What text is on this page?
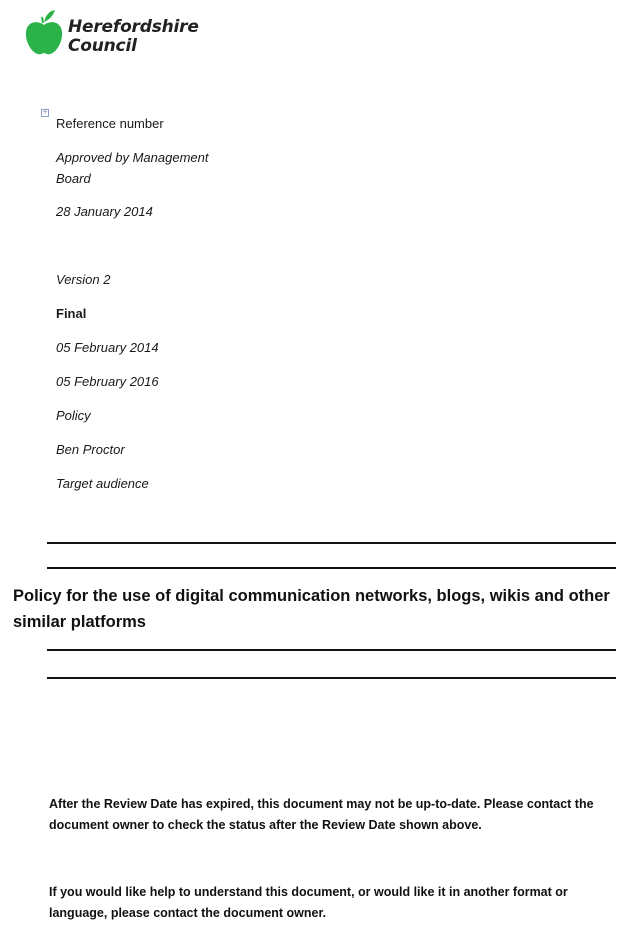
Herefordshire
Council
+
Reference number
Approved by Management
Board
28 January 2014
Version 2
Final
05 February 2014
05 February 2016
Policy
Ben Proctor
Target audience
Policy for the use of digital communication networks, blogs, wikis and other
similar platforms
After the Review Date has expired, this document may not be up-to-date. Please contact the
document owner to check the status after the Review Date shown above.
If you would like help to understand this document, or would like it in another format or
language, please contact the document owner.
